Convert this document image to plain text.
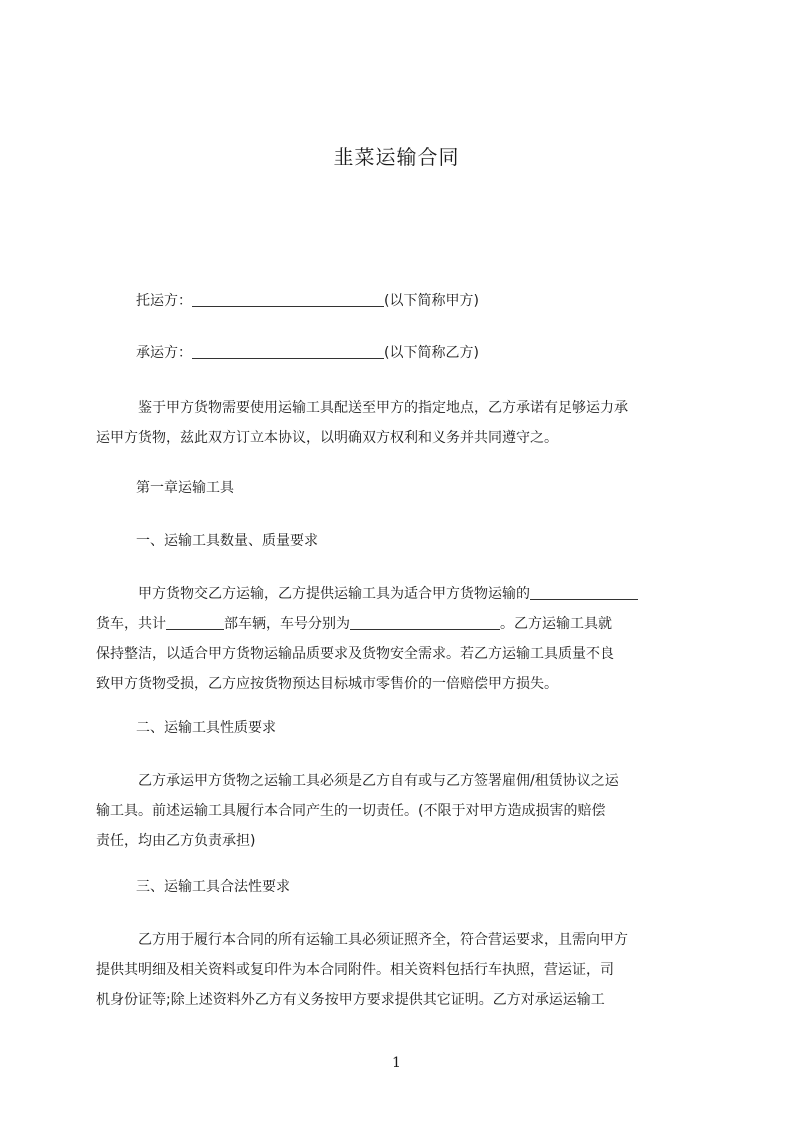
韭菜运输合同
托运方：	(以下简称甲方)
承运方：	(以下简称乙方)
鉴于甲方货物需要使用运输工具配送至甲方的指定地点，乙方承诺有足够运力承
运甲方货物，兹此双方订立本协议，以明确双方权利和义务并共同遵守之。
第一章运输工具
一、运输工具数量、质量要求
甲方货物交乙方运输，乙方提供运输工具为适合甲方货物运输的
货车，共计	部车辆，车号分别为	。乙方运输工具就
保持整洁，以适合甲方货物运输品质要求及货物安全需求。若乙方运输工具质量不良
致甲方货物受损，乙方应按货物预达目标城市零售价的一倍赔偿甲方损失。
二、运输工具性质要求
乙方承运甲方货物之运输工具必须是乙方自有或与乙方签署雇佣/租赁协议之运
输工具。前述运输工具履行本合同产生的一切责任。(不限于对甲方造成损害的赔偿
责任，均由乙方负责承担)
三、运输工具合法性要求
乙方用于履行本合同的所有运输工具必须证照齐全，符合营运要求，且需向甲方
提供其明细及相关资料或复印件为本合同附件。相关资料包括行车执照，营运证，司
机身份证等;除上述资料外乙方有义务按甲方要求提供其它证明。乙方对承运运输工
1
